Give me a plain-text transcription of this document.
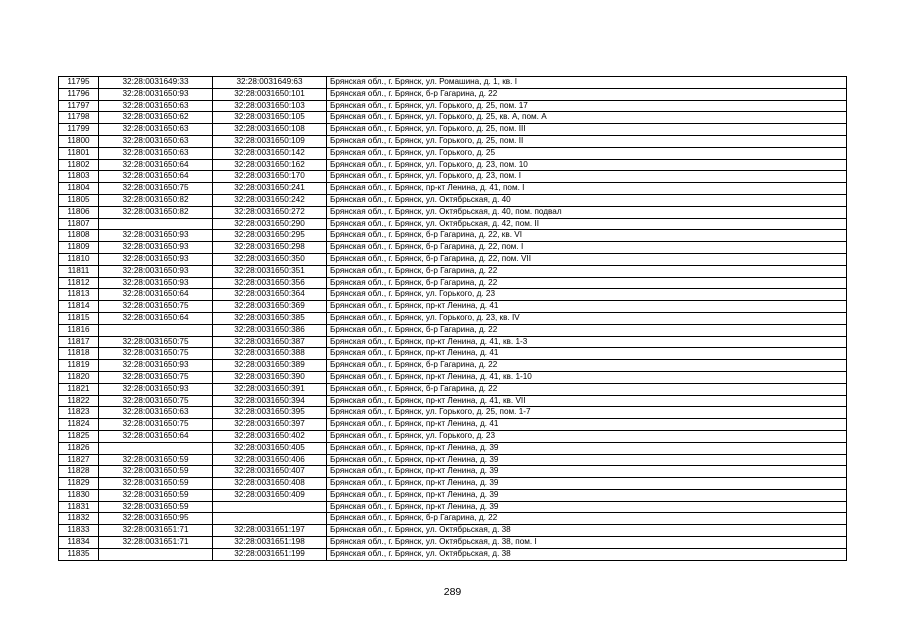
11795	32:28:0031649:33	32:28:0031649:63	Брянская обл., г. Брянск, ул. Ромашина, д. 1, кв. I
11796	32:28:0031650:93	32:28:0031650:101	Брянская обл., г. Брянск, б-р Гагарина, д. 22
11797	32:28:0031650:63	32:28:0031650:103	Брянская обл., г. Брянск, ул. Горького, д. 25, пом. 17
11798	32:28:0031650:62	32:28:0031650:105	Брянская обл., г. Брянск, ул. Горького, д. 25, кв. А, пом. А
11799	32:28:0031650:63	32:28:0031650:108	Брянская обл., г. Брянск, ул. Горького, д. 25, пом. III
11800	32:28:0031650:63	32:28:0031650:109	Брянская обл., г. Брянск, ул. Горького, д. 25, пом. II
11801	32:28:0031650:63	32:28:0031650:142	Брянская обл., г. Брянск, ул. Горького, д. 25
11802	32:28:0031650:64	32:28:0031650:162	Брянская обл., г. Брянск, ул. Горького, д. 23, пом. 10
11803	32:28:0031650:64	32:28:0031650:170	Брянская обл., г. Брянск, ул. Горького, д. 23, пом. I
11804	32:28:0031650:75	32:28:0031650:241	Брянская обл., г. Брянск, пр-кт Ленина, д. 41, пом. I
11805	32:28:0031650:82	32:28:0031650:242	Брянская обл., г. Брянск, ул. Октябрьская, д. 40
11806	32:28:0031650:82	32:28:0031650:272	Брянская обл., г. Брянск, ул. Октябрьская, д. 40, пом. подвал
11807		32:28:0031650:290	Брянская обл., г. Брянск, ул. Октябрьская, д. 42, пом. II
11808	32:28:0031650:93	32:28:0031650:295	Брянская обл., г. Брянск, б-р Гагарина, д. 22, кв. VI
11809	32:28:0031650:93	32:28:0031650:298	Брянская обл., г. Брянск, б-р Гагарина, д. 22, пом. I
11810	32:28:0031650:93	32:28:0031650:350	Брянская обл., г. Брянск, б-р Гагарина, д. 22, пом. VII
11811	32:28:0031650:93	32:28:0031650:351	Брянская обл., г. Брянск, б-р Гагарина, д. 22
11812	32:28:0031650:93	32:28:0031650:356	Брянская обл., г. Брянск, б-р Гагарина, д. 22
11813	32:28:0031650:64	32:28:0031650:364	Брянская обл., г. Брянск, ул. Горького, д. 23
11814	32:28:0031650:75	32:28:0031650:369	Брянская обл., г. Брянск, пр-кт Ленина, д. 41
11815	32:28:0031650:64	32:28:0031650:385	Брянская обл., г. Брянск, ул. Горького, д. 23, кв. IV
11816		32:28:0031650:386	Брянская обл., г. Брянск, б-р Гагарина, д. 22
11817	32:28:0031650:75	32:28:0031650:387	Брянская обл., г. Брянск, пр-кт Ленина, д. 41, кв. 1-3
11818	32:28:0031650:75	32:28:0031650:388	Брянская обл., г. Брянск, пр-кт Ленина, д. 41
11819	32:28:0031650:93	32:28:0031650:389	Брянская обл., г. Брянск, б-р Гагарина, д. 22
11820	32:28:0031650:75	32:28:0031650:390	Брянская обл., г. Брянск, пр-кт Ленина, д. 41, кв. 1-10
11821	32:28:0031650:93	32:28:0031650:391	Брянская обл., г. Брянск, б-р Гагарина, д. 22
11822	32:28:0031650:75	32:28:0031650:394	Брянская обл., г. Брянск, пр-кт Ленина, д. 41, кв. VII
11823	32:28:0031650:63	32:28:0031650:395	Брянская обл., г. Брянск, ул. Горького, д. 25, пом. 1-7
11824	32:28:0031650:75	32:28:0031650:397	Брянская обл., г. Брянск, пр-кт Ленина, д. 41
11825	32:28:0031650:64	32:28:0031650:402	Брянская обл., г. Брянск, ул. Горького, д. 23
11826		32:28:0031650:405	Брянская обл., г. Брянск, пр-кт Ленина, д. 39
11827	32:28:0031650:59	32:28:0031650:406	Брянская обл., г. Брянск, пр-кт Ленина, д. 39
11828	32:28:0031650:59	32:28:0031650:407	Брянская обл., г. Брянск, пр-кт Ленина, д. 39
11829	32:28:0031650:59	32:28:0031650:408	Брянская обл., г. Брянск, пр-кт Ленина, д. 39
11830	32:28:0031650:59	32:28:0031650:409	Брянская обл., г. Брянск, пр-кт Ленина, д. 39
11831	32:28:0031650:59		Брянская обл., г. Брянск, пр-кт Ленина, д. 39
11832	32:28:0031650:95		Брянская обл., г. Брянск, б-р Гагарина, д. 22
11833	32:28:0031651:71	32:28:0031651:197	Брянская обл., г. Брянск, ул. Октябрьская, д. 38
11834	32:28:0031651:71	32:28:0031651:198	Брянская обл., г. Брянск, ул. Октябрьская, д. 38, пом. I
11835		32:28:0031651:199	Брянская обл., г. Брянск, ул. Октябрьская, д. 38
289
